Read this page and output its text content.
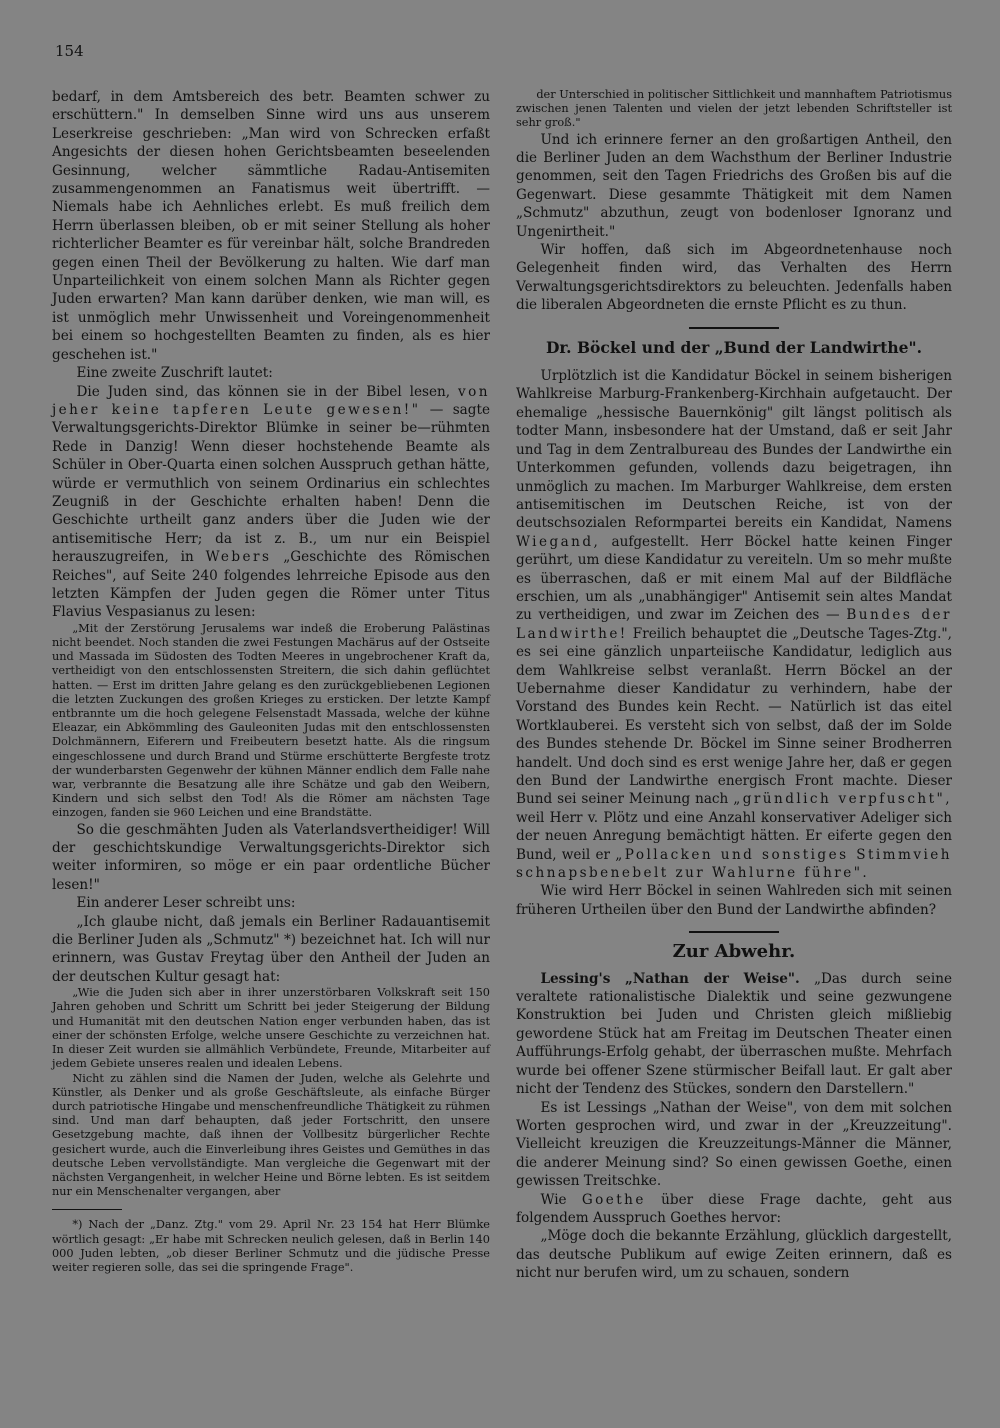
154

bedarf, in dem Amtsbereich des betr. Beamten schwer zu erschüttern." In demselben Sinne wird uns aus unserem Leserkreise geschrieben: „Man wird von Schrecken erfaßt Angesichts der diesen hohen Gerichtsbeamten beseelenden Gesinnung, welcher sämmtliche Radau-Antisemiten zusammengenommen an Fanatismus weit übertrifft. — Niemals habe ich Aehnliches erlebt. Es muß freilich dem Herrn überlassen bleiben, ob er mit seiner Stellung als hoher richterlicher Beamter es für vereinbar hält, solche Brandreden gegen einen Theil der Bevölkerung zu halten. Wie darf man Unparteilichkeit von einem solchen Mann als Richter gegen Juden erwarten? Man kann darüber denken, wie man will, es ist unmöglich mehr Unwissenheit und Voreingenommenheit bei einem so hochgestellten Beamten zu finden, als es hier geschehen ist."

Eine zweite Zuschrift lautet:

Die Juden sind, das können sie in der Bibel lesen, von jeher keine tapferen Leute gewesen!" — sagte Verwaltungsgerichts-Direktor Blümke in seiner be—rühmten Rede in Danzig! Wenn dieser hochstehende Beamte als Schüler in Ober-Quarta einen solchen Ausspruch gethan hätte, würde er vermuthlich von seinem Ordinarius ein schlechtes Zeugniß in der Geschichte erhalten haben! Denn die Geschichte urtheilt ganz anders über die Juden wie der antisemitische Herr; da ist z. B., um nur ein Beispiel herauszugreifen, in Webers „Geschichte des Römischen Reiches", auf Seite 240 folgendes lehrreiche Episode aus den letzten Kämpfen der Juden gegen die Römer unter Titus Flavius Vespasianus zu lesen:

„Mit der Zerstörung Jerusalems war indeß die Eroberung Palästinas nicht beendet. Noch standen die zwei Festungen Machärus auf der Ostseite und Massada im Südosten des Todten Meeres in ungebrochener Kraft da, vertheidigt von den entschlossensten Streitern, die sich dahin geflüchtet hatten. — Erst im dritten Jahre gelang es den zurückgebliebenen Legionen die letzten Zuckungen des großen Krieges zu ersticken. Der letzte Kampf entbrannte um die hoch gelegene Felsenstadt Massada, welche der kühne Eleazar, ein Abkömmling des Gauleoniten Judas mit den entschlossensten Dolchmännern, Eiferern und Freibeutern besetzt hatte. Als die ringsum eingeschlossene und durch Brand und Stürme erschütterte Bergfeste trotz der wunderbarsten Gegenwehr der kühnen Männer endlich dem Falle nahe war, verbrannte die Besatzung alle ihre Schätze und gab den Weibern, Kindern und sich selbst den Tod! Als die Römer am nächsten Tage einzogen, fanden sie 960 Leichen und eine Brandstätte.

So die geschmähten Juden als Vaterlandsvertheidiger! Will der geschichtskundige Verwaltungsgerichts-Direktor sich weiter informiren, so möge er ein paar ordentliche Bücher lesen!"

Ein anderer Leser schreibt uns:

„Ich glaube nicht, daß jemals ein Berliner Radauantisemit die Berliner Juden als „Schmutz" *) bezeichnet hat. Ich will nur erinnern, was Gustav Freytag über den Antheil der Juden an der deutschen Kultur gesagt hat:

„Wie die Juden sich aber in ihrer unzerstörbaren Volkskraft seit 150 Jahren gehoben und Schritt um Schritt bei jeder Steigerung der Bildung und Humanität mit den deutschen Nation enger verbunden haben, das ist einer der schönsten Erfolge, welche unsere Geschichte zu verzeichnen hat. In dieser Zeit wurden sie allmählich Verbündete, Freunde, Mitarbeiter auf jedem Gebiete unseres realen und idealen Lebens.

Nicht zu zählen sind die Namen der Juden, welche als Gelehrte und Künstler, als Denker und als große Geschäftsleute, als einfache Bürger durch patriotische Hingabe und menschenfreundliche Thätigkeit zu rühmen sind. Und man darf behaupten, daß jeder Fortschritt, den unsere Gesetzgebung machte, daß ihnen der Vollbesitz bürgerlicher Rechte gesichert wurde, auch die Einverleibung ihres Geistes und Gemüthes in das deutsche Leben vervollständigte. Man vergleiche die Gegenwart mit der nächsten Vergangenheit, in welcher Heine und Börne lebten. Es ist seitdem nur ein Menschenalter vergangen, aber

*) Nach der „Danz. Ztg." vom 29. April Nr. 23 154 hat Herr Blümke wörtlich gesagt: „Er habe mit Schrecken neulich gelesen, daß in Berlin 140 000 Juden lebten, „ob dieser Berliner Schmutz und die jüdische Presse weiter regieren solle, das sei die springende Frage".

der Unterschied in politischer Sittlichkeit und mannhaftem Patriotismus zwischen jenen Talenten und vielen der jetzt lebenden Schriftsteller ist sehr groß."

Und ich erinnere ferner an den großartigen Antheil, den die Berliner Juden an dem Wachsthum der Berliner Industrie genommen, seit den Tagen Friedrichs des Großen bis auf die Gegenwart. Diese gesammte Thätigkeit mit dem Namen „Schmutz" abzuthun, zeugt von bodenloser Ignoranz und Ungenirtheit."

Wir hoffen, daß sich im Abgeordnetenhause noch Gelegenheit finden wird, das Verhalten des Herrn Verwaltungsgerichtsdirektors zu beleuchten. Jedenfalls haben die liberalen Abgeordneten die ernste Pflicht es zu thun.

Dr. Böckel und der „Bund der Landwirthe".

Urplötzlich ist die Kandidatur Böckel in seinem bisherigen Wahlkreise Marburg-Frankenberg-Kirchhain aufgetaucht. Der ehemalige „hessische Bauernkönig" gilt längst politisch als todter Mann, insbesondere hat der Umstand, daß er seit Jahr und Tag in dem Zentralbureau des Bundes der Landwirthe ein Unterkommen gefunden, vollends dazu beigetragen, ihn unmöglich zu machen. Im Marburger Wahlkreise, dem ersten antisemitischen im Deutschen Reiche, ist von der deutschsozialen Reformpartei bereits ein Kandidat, Namens Wiegand, aufgestellt. Herr Böckel hatte keinen Finger gerührt, um diese Kandidatur zu vereiteln. Um so mehr mußte es überraschen, daß er mit einem Mal auf der Bildfläche erschien, um als „unabhängiger" Antisemit sein altes Mandat zu vertheidigen, und zwar im Zeichen des — Bundes der Landwirthe! Freilich behauptet die „Deutsche Tages-Ztg.", es sei eine gänzlich unparteiische Kandidatur, lediglich aus dem Wahlkreise selbst veranlaßt. Herrn Böckel an der Uebernahme dieser Kandidatur zu verhindern, habe der Vorstand des Bundes kein Recht. — Natürlich ist das eitel Wortklauberei. Es versteht sich von selbst, daß der im Solde des Bundes stehende Dr. Böckel im Sinne seiner Brodherren handelt. Und doch sind es erst wenige Jahre her, daß er gegen den Bund der Landwirthe energisch Front machte. Dieser Bund sei seiner Meinung nach „gründlich verpfuscht", weil Herr v. Plötz und eine Anzahl konservativer Adeliger sich der neuen Anregung bemächtigt hätten. Er eiferte gegen den Bund, weil er „Pollacken und sonstiges Stimmvieh schnapsbenebelt zur Wahlurne führe".

Wie wird Herr Böckel in seinen Wahlreden sich mit seinen früheren Urtheilen über den Bund der Landwirthe abfinden?

Zur Abwehr.

Lessing's „Nathan der Weise". „Das durch seine veraltete rationalistische Dialektik und seine gezwungene Konstruktion bei Juden und Christen gleich mißliebig gewordene Stück hat am Freitag im Deutschen Theater einen Aufführungs-Erfolg gehabt, der überraschen mußte. Mehrfach wurde bei offener Szene stürmischer Beifall laut. Er galt aber nicht der Tendenz des Stückes, sondern den Darstellern."

Es ist Lessings „Nathan der Weise", von dem mit solchen Worten gesprochen wird, und zwar in der „Kreuzzeitung". Vielleicht kreuzigen die Kreuzzeitungs-Männer die Männer, die anderer Meinung sind? So einen gewissen Goethe, einen gewissen Treitschke.

Wie Goethe über diese Frage dachte, geht aus folgendem Ausspruch Goethes hervor:

„Möge doch die bekannte Erzählung, glücklich dargestellt, das deutsche Publikum auf ewige Zeiten erinnern, daß es nicht nur berufen wird, um zu schauen, sondern
